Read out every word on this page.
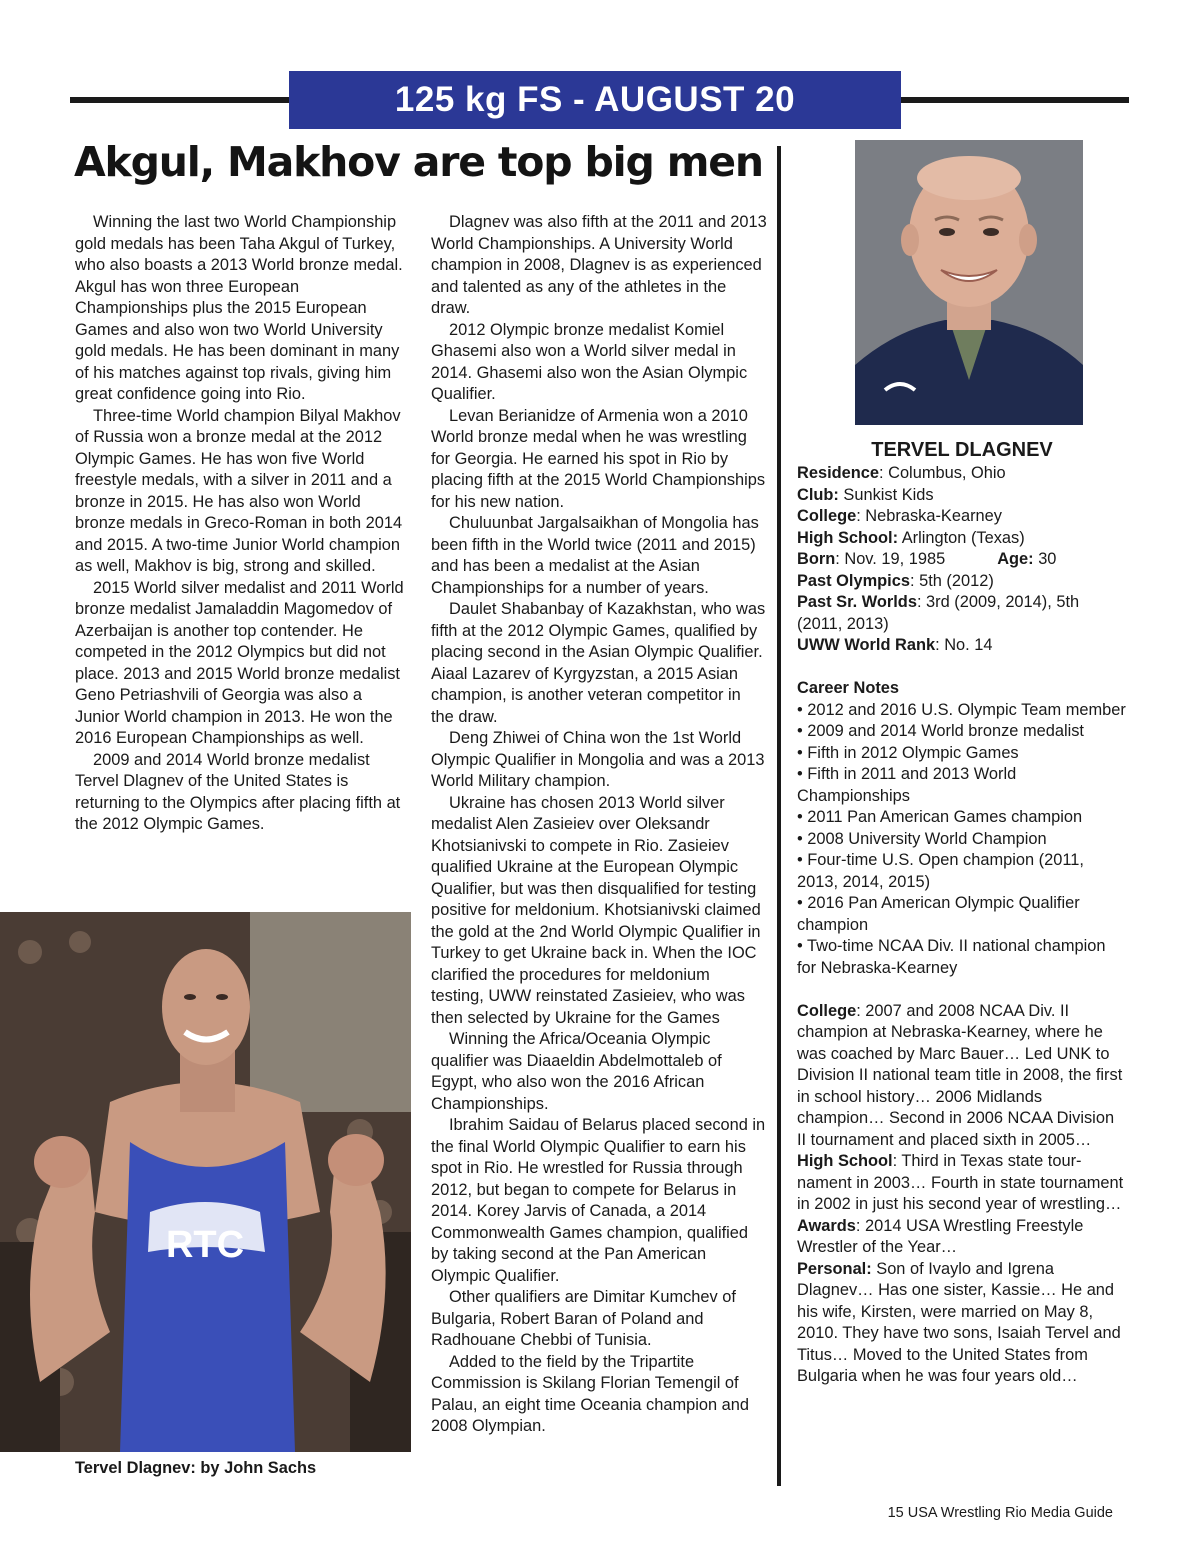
125 kg FS - AUGUST 20
Akgul, Makhov are top big men

Winning the last two World Championship gold medals has been Taha Akgul of Turkey, who also boasts a 2013 World bronze medal. Akgul has won three European Championships plus the 2015 European Games and also won two World University gold medals. He has been dominant in many of his matches against top rivals, giving him great confidence going into Rio.

Three-time World champion Bilyal Makhov of Russia won a bronze medal at the 2012 Olympic Games. He has won five World freestyle medals, with a silver in 2011 and a bronze in 2015. He has also won World bronze medals in Greco-Roman in both 2014 and 2015. A two-time Junior World champion as well, Makhov is big, strong and skilled.

2015 World silver medalist and 2011 World bronze medalist Jamaladdin Magomedov of Azerbaijan is another top contender. He competed in the 2012 Olympics but did not place. 2013 and 2015 World bronze medalist Geno Petriashvili of Georgia was also a Junior World champion in 2013. He won the 2016 European Championships as well.

2009 and 2014 World bronze medalist Tervel Dlagnev of the United States is returning to the Olympics after placing fifth at the 2012 Olympic Games.

Dlagnev was also fifth at the 2011 and 2013 World Championships. A University World champion in 2008, Dlagnev is as experienced and talented as any of the athletes in the draw.

2012 Olympic bronze medalist Komiel Ghasemi also won a World silver medal in 2014. Ghasemi also won the Asian Olympic Qualifier.

Levan Berianidze of Armenia won a 2010 World bronze medal when he was wrestling for Georgia. He earned his spot in Rio by placing fifth at the 2015 World Championships for his new nation.

Chuluunbat Jargalsaikhan of Mongolia has been fifth in the World twice (2011 and 2015) and has been a medalist at the Asian Championships for a number of years.

Daulet Shabanbay of Kazakhstan, who was fifth at the 2012 Olympic Games, qualified by placing second in the Asian Olympic Qualifier. Aiaal Lazarev of Kyrgyzstan, a 2015 Asian champion, is another veteran competitor in the draw.

Deng Zhiwei of China won the 1st World Olympic Qualifier in Mongolia and was a 2013 World Military champion.

Ukraine has chosen 2013 World silver medalist Alen Zasieiev over Oleksandr Khotsianivski to compete in Rio. Zasieiev qualified Ukraine at the European Olympic Qualifier, but was then disqualified for testing positive for meldonium. Khotsianivski claimed the gold at the 2nd World Olympic Qualifier in Turkey to get Ukraine back in. When the IOC clarified the procedures for meldonium testing, UWW reinstated Zasieiev, who was then selected by Ukraine for the Games

Winning the Africa/Oceania Olympic qualifier was Diaaeldin Abdelmottaleb of Egypt, who also won the 2016 African Championships.

Ibrahim Saidau of Belarus placed second in the final World Olympic Qualifier to earn his spot in Rio. He wrestled for Russia through 2012, but began to compete for Belarus in 2014. Korey Jarvis of Canada, a 2014 Commonwealth Games champion, qualified by taking second at the Pan American Olympic Qualifier.

Other qualifiers are Dimitar Kumchev of Bulgaria, Robert Baran of Poland and Radhouane Chebbi of Tunisia.

Added to the field by the Tripartite Commission is Skilang Florian Temengil of Palau, an eight time Oceania champion and 2008 Olympian.

RTC
Tervel Dlagnev: by John Sachs
TERVEL DLAGNEV
Residence: Columbus, Ohio
Club: Sunkist Kids
College: Nebraska-Kearney
High School: Arlington (Texas)
Born: Nov. 19, 1985	Age: 30
Past Olympics: 5th (2012)
Past Sr. Worlds: 3rd (2009, 2014), 5th (2011, 2013)
UWW World Rank: No. 14
Career Notes
• 2012 and 2016 U.S. Olympic Team member
• 2009 and 2014 World bronze medalist
• Fifth in 2012 Olympic Games
• Fifth in 2011 and 2013 World Championships
• 2011 Pan American Games champion
• 2008 University World Champion
• Four-time U.S. Open champion (2011, 2013, 2014, 2015)
• 2016 Pan American Olympic Qualifier champion
• Two-time NCAA Div. II national champion for Nebraska-Kearney
College: 2007 and 2008 NCAA Div. II champion at Nebraska-Kearney, where he was coached by Marc Bauer… Led UNK to Division II national team title in 2008, the first in school history… 2006 Midlands champion… Second in 2006 NCAA Division II tournament and placed sixth in 2005…
High School: Third in Texas state tournament in 2003… Fourth in state tournament in 2002 in just his second year of wrestling…
Awards: 2014 USA Wrestling Freestyle Wrestler of the Year…
Personal: Son of Ivaylo and Igrena Dlagnev… Has one sister, Kassie… He and his wife, Kirsten, were married on May 8, 2010. They have two sons, Isaiah Tervel and Titus… Moved to the United States from Bulgaria when he was four years old…
15 USA Wrestling Rio Media Guide
